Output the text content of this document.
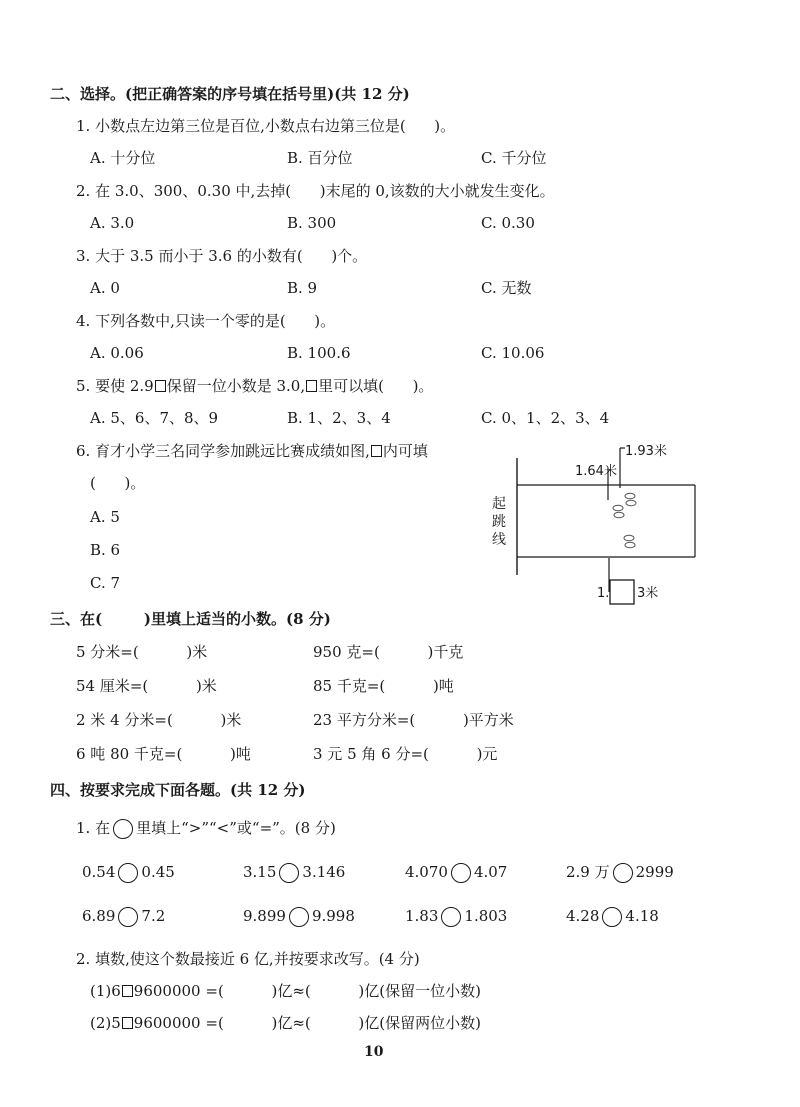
二、选择。(把正确答案的序号填在括号里)(共 12 分)
1. 小数点左边第三位是百位,小数点右边第三位是(      )。
A. 十分位	B. 百分位	C. 千分位
2. 在 3.0、300、0.30 中,去掉(      )末尾的 0,该数的大小就发生变化。
A. 3.0	B. 300	C. 0.30
3. 大于 3.5 而小于 3.6 的小数有(      )个。
A. 0	B. 9	C. 无数
4. 下列各数中,只读一个零的是(      )。
A. 0.06	B. 100.6	C. 10.06
5. 要使 2.9 保留一位小数是 3.0, 里可以填(      )。
A. 5、6、7、8、9	B. 1、2、3、4	C. 0、1、2、3、4
6. 育才小学三名同学参加跳远比赛成绩如图, 内可填
(      )。
A. 5
B. 6
C. 7
1.93米
1.64米
起
跳
线
1. 3米
三、在(        )里填上适当的小数。(8 分)
5 分米=(          )米	950 克=(          )千克
54 厘米=(          )米	85 千克=(          )吨
2 米 4 分米=(          )米	23 平方分米=(          )平方米
6 吨 80 千克=(          )吨	3 元 5 角 6 分=(          )元
四、按要求完成下面各题。(共 12 分)
1. 在 里填上“>”“<”或“=”。(8 分)
0.54 0.45	3.15 3.146	4.070 4.07	2.9 万 2999
6.89 7.2	9.899 9.998	1.83 1.803	4.28 4.18
2. 填数,使这个数最接近 6 亿,并按要求改写。(4 分)
(1)6 9600000 =(          )亿≈(          )亿(保留一位小数)
(2)5 9600000 =(          )亿≈(          )亿(保留两位小数)
10
